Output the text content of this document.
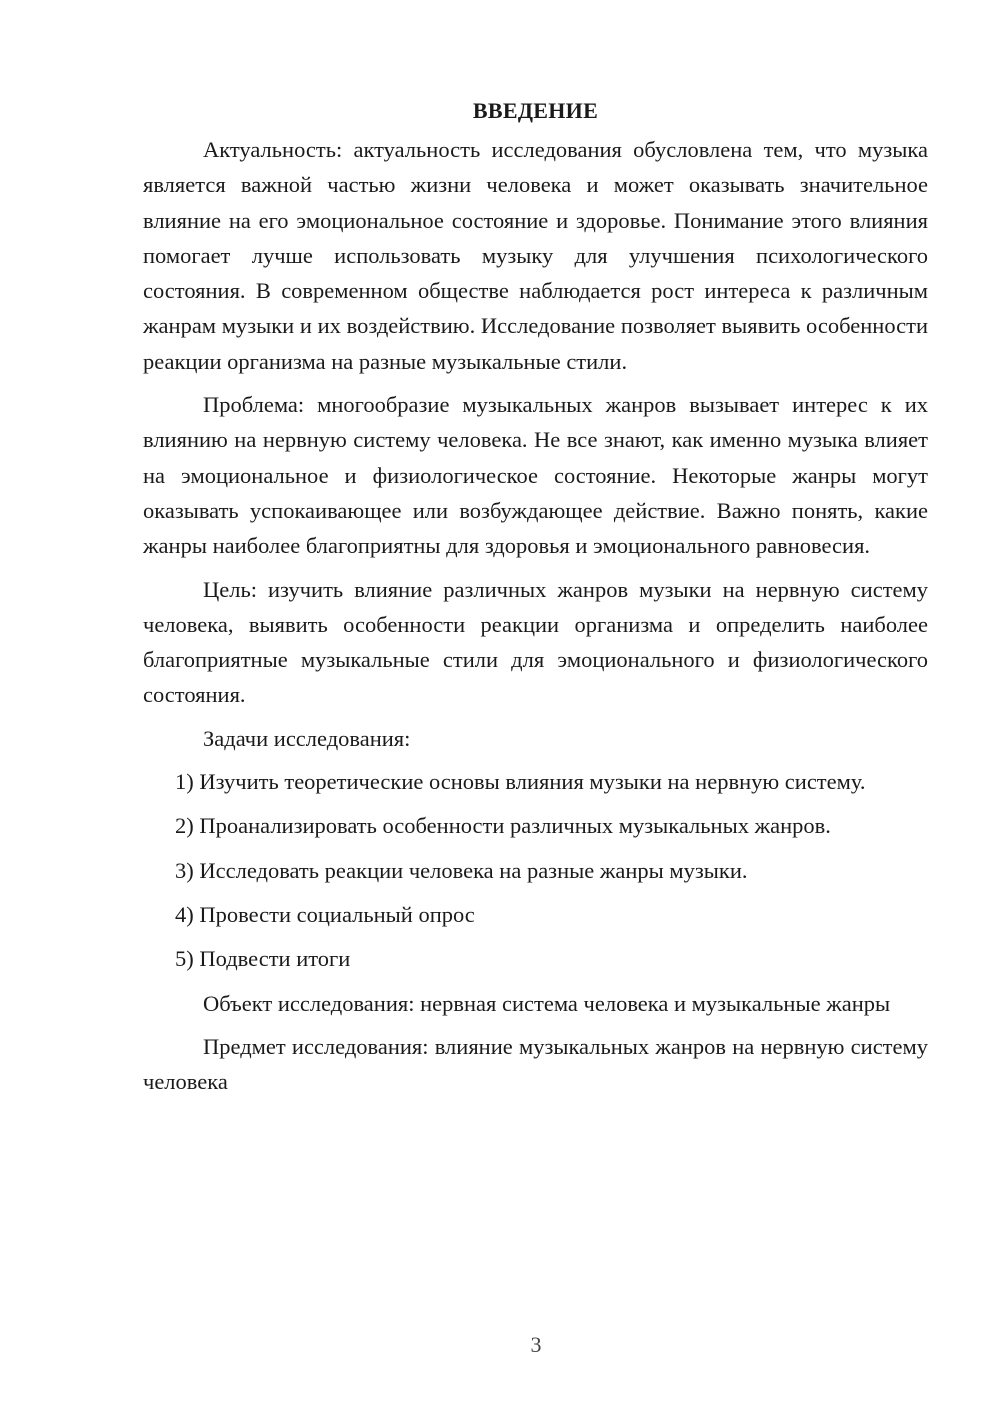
ВВЕДЕНИЕ

Актуальность: актуальность исследования обусловлена тем, что музыка является важной частью жизни человека и может оказывать значительное влияние на его эмоциональное состояние и здоровье. Понимание этого влияния помогает лучше использовать музыку для улучшения психологического состояния. В современном обществе наблюдается рост интереса к различным жанрам музыки и их воздействию. Исследование позволяет выявить особенности реакции организма на разные музыкальные стили.

Проблема: многообразие музыкальных жанров вызывает интерес к их влиянию на нервную систему человека. Не все знают, как именно музыка влияет на эмоциональное и физиологическое состояние. Некоторые жанры могут оказывать успокаивающее или возбуждающее действие. Важно понять, какие жанры наиболее благоприятны для здоровья и эмоционального равновесия.

Цель: изучить влияние различных жанров музыки на нервную систему человека, выявить особенности реакции организма и определить наиболее благоприятные музыкальные стили для эмоционального и физиологического состояния.

Задачи исследования:

1) Изучить теоретические основы влияния музыки на нервную систему.

2) Проанализировать особенности различных музыкальных жанров.

3) Исследовать реакции человека на разные жанры музыки.

4) Провести социальный опрос

5) Подвести итоги

Объект исследования: нервная система человека и музыкальные жанры

Предмет исследования: влияние музыкальных жанров на нервную систему человека

3
